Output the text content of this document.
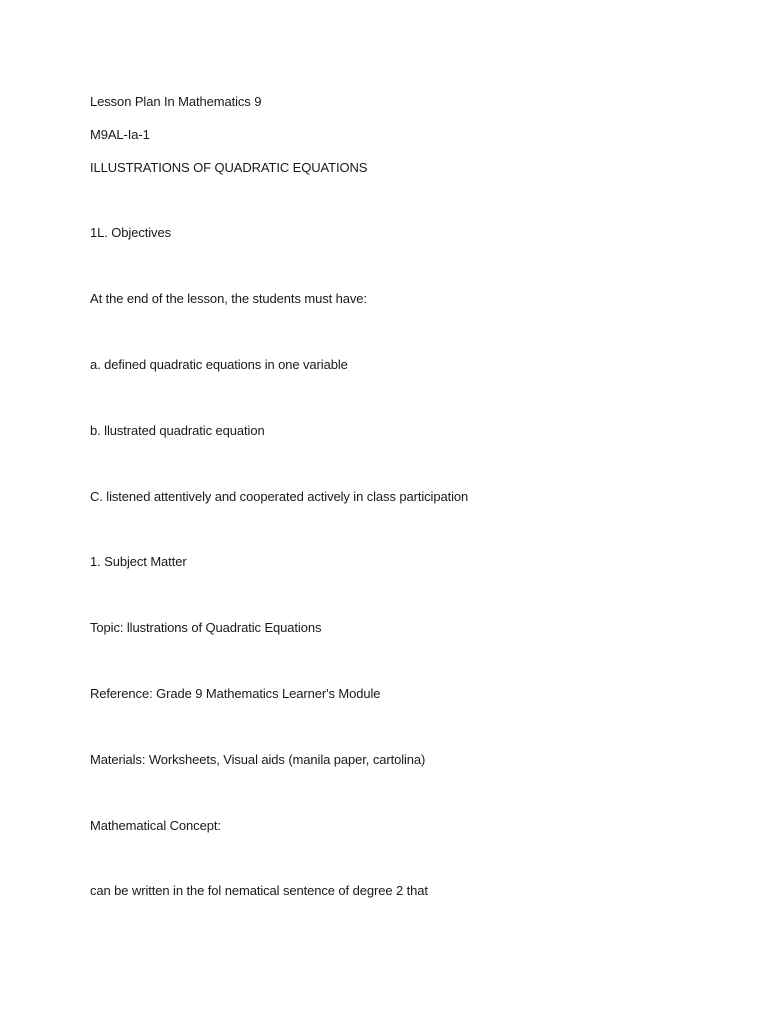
Lesson Plan In Mathematics 9
M9AL-Ia-1
ILLUSTRATIONS OF QUADRATIC EQUATIONS
1L. Objectives
At the end of the lesson, the students must have:
a. defined quadratic equations in one variable
b. llustrated quadratic equation
C. listened attentively and cooperated actively in class participation
1. Subject Matter
Topic: llustrations of Quadratic Equations
Reference: Grade 9 Mathematics Learner's Module
Materials: Worksheets, Visual aids (manila paper, cartolina)
Mathematical Concept:
can be written in the fol nematical sentence of degree 2 that
